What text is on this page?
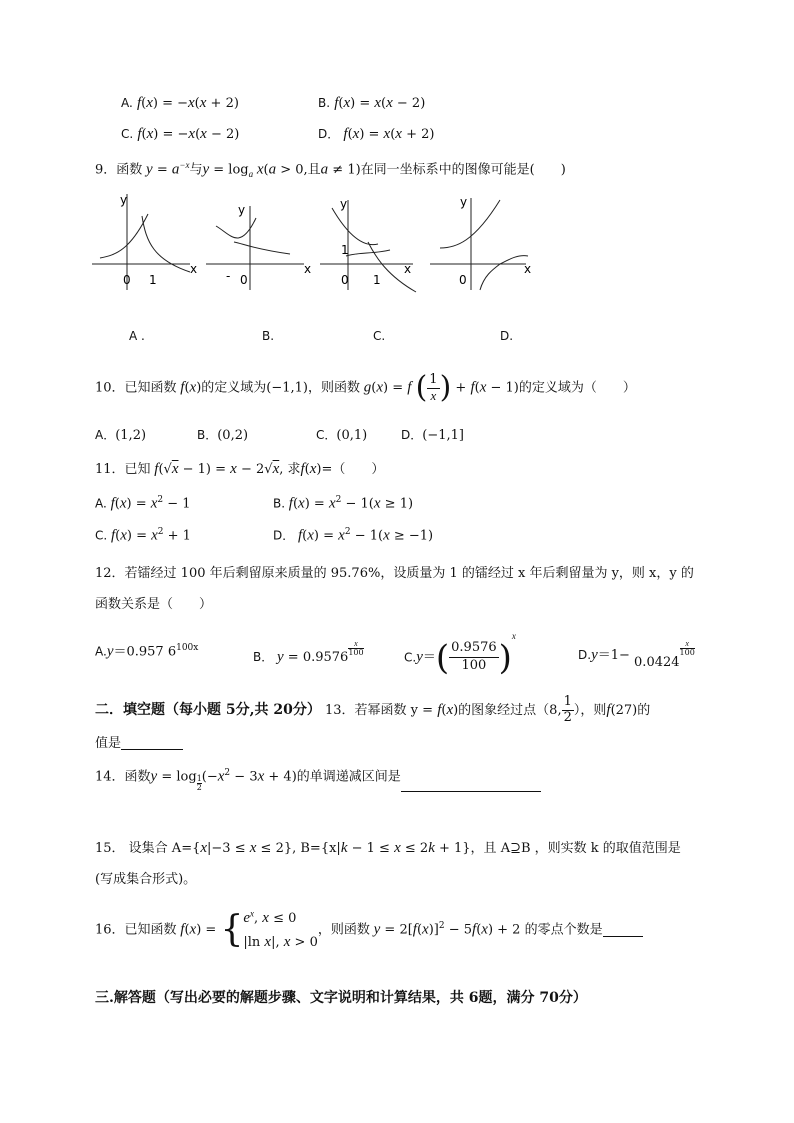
A. f(x) = −x(x + 2)	B. f(x) = x(x − 2)
C. f(x) = −x(x − 2)	D． f(x) = x(x + 2)
9．函数 $y = a^{-x}$与$y = \log_a x(a > 0$,且a ≠ 1)在同一坐标系中的图像可能是(　　)
y
x
0 1
y
x
- 0
y
x
0 1
1
y
x
0
A .	B.	C.	D.
10．已知函数 f(x)的定义域为(−1,1)，则函数 g(x) = f ( $\frac{1}{x}$ ) + f(x − 1)的定义域为（　　）
A．(1,2)	B．(0,2)	C．(0,1)	D．(−1,1]
11．已知 f(√x − 1) = x − 2√x, 求f(x)=（　　）
A. $f(x) = x^2 - 1$	B. $f(x) = x^2 - 1(x \ge 1)$
C. $f(x) = x^2 + 1$	D． $f(x) = x^2 - 1(x \ge -1)$
12．若镭经过 100 年后剩留原来质量的 95.76%，设质量为 1 的镭经过 x 年后剩留量为 y，则 x，y 的
函数关系是（　　）
A.y＝0.957 $6^{100x}$
B． y = 0.9576
$\frac{x}{100}$
$C.y=( \frac{0.9576}{100} )^x$
D.y＝1− 0.0424
$\frac{x}{100}$
二．填空题（每小题 5分,共 20分） 13．若幂函数 y = f(x)的图象经过点（8, $\frac{1}{2}$ ），则f(27)的
值是
14．函数$y = \log \frac{1}{2} (-x^2 - 3x + 4)$的单调递减区间是
15． 设集合 A={x|−3 ≤ x ≤ 2}, B={x|k − 1 ≤ x ≤ 2k + 1}，且 A⊇B ，则实数 k 的取值范围是
(写成集合形式)。
16．已知函数 f(x) = { $e^x$, x ≤ 0
|ln x|, x > 0
，则函数 $y = 2[f(x)]^2 - 5f(x) + 2$ 的零点个数是
三.解答题（写出必要的解题步骤、文字说明和计算结果，共 6题，满分 70分）
